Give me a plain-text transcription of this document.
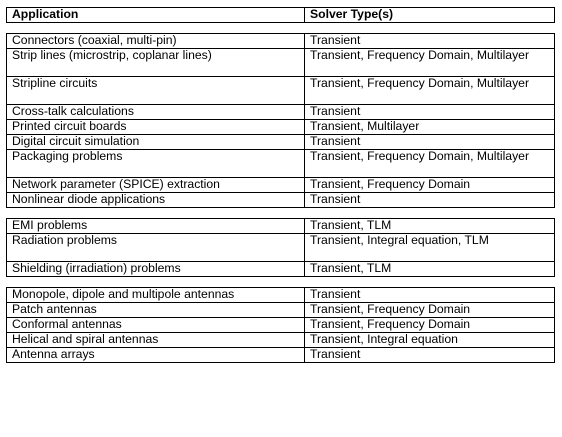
Application	Solver Type(s)

Connectors (coaxial, multi-pin)	Transient
Strip lines (microstrip, coplanar lines)	Transient, Frequency Domain, Multilayer
Stripline circuits	Transient, Frequency Domain, Multilayer
Cross-talk calculations	Transient
Printed circuit boards	Transient, Multilayer
Digital circuit simulation	Transient
Packaging problems	Transient, Frequency Domain, Multilayer
Network parameter (SPICE) extraction	Transient, Frequency Domain
Nonlinear diode applications	Transient

EMI problems	Transient, TLM
Radiation problems	Transient, Integral equation, TLM
Shielding (irradiation) problems	Transient, TLM

Monopole, dipole and multipole antennas	Transient
Patch antennas	Transient, Frequency Domain
Conformal antennas	Transient, Frequency Domain
Helical and spiral antennas	Transient, Integral equation
Antenna arrays	Transient
